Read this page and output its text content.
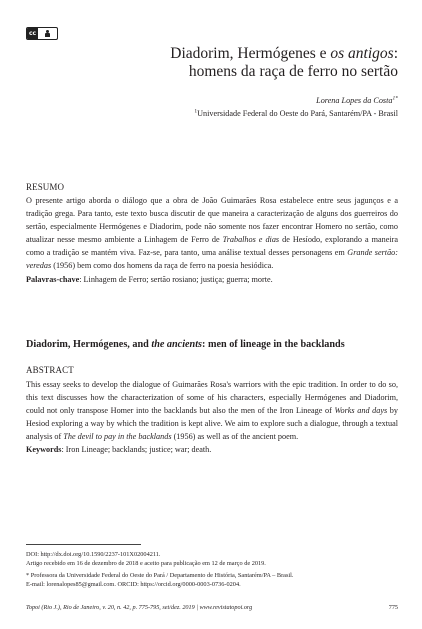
cc
Diadorim, Hermógenes e os antigos:
homens da raça de ferro no sertão
Lorena Lopes da Costa$^{1*}$
$^1$Universidade Federal do Oeste do Pará, Santarém/PA - Brasil
RESUMO
O presente artigo aborda o diálogo que a obra de João Guimarães Rosa estabelece entre seus jagunços e a tradição grega. Para tanto, este texto busca discutir de que maneira a caracterização de alguns dos guerreiros do sertão, especialmente Hermógenes e Diadorim, pode não somente nos fazer encontrar Homero no sertão, como atualizar nesse mesmo ambiente a Linhagem de Ferro de Trabalhos e dias de Hesíodo, explorando a maneira como a tradição se mantém viva. Faz-se, para tanto, uma análise textual desses personagens em Grande sertão: veredas (1956) bem como dos homens da raça de ferro na poesia hesiódica.
Palavras-chave: Linhagem de Ferro; sertão rosiano; justiça; guerra; morte.
Diadorim, Hermógenes, and the ancients: men of lineage in the backlands
ABSTRACT
This essay seeks to develop the dialogue of Guimarães Rosa's warriors with the epic tradition. In order to do so, this text discusses how the characterization of some of his characters, especially Hermógenes and Diadorim, could not only transpose Homer into the backlands but also the men of the Iron Lineage of Works and days by Hesiod exploring a way by which the tradition is kept alive. We aim to explore such a dialogue, through a textual analysis of The devil to pay in the backlands (1956) as well as of the ancient poem.
Keywords: Iron Lineage; backlands; justice; war; death.
DOI: http://dx.doi.org/10.1590/2237-101X02004211.
Artigo recebido em 16 de dezembro de 2018 e aceito para publicação em 12 de março de 2019.
* Professora da Universidade Federal do Oeste do Pará / Departamento de História, Santarém/PA – Brasil.
E-mail: lorenalopes85@gmail.com. ORCID: https://orcid.org/0000-0003-0736-0204.
Topoi (Rio J.), Rio de Janeiro, v. 20, n. 42, p. 775-795, set/dez. 2019 | www.revistatopoi.org	775
